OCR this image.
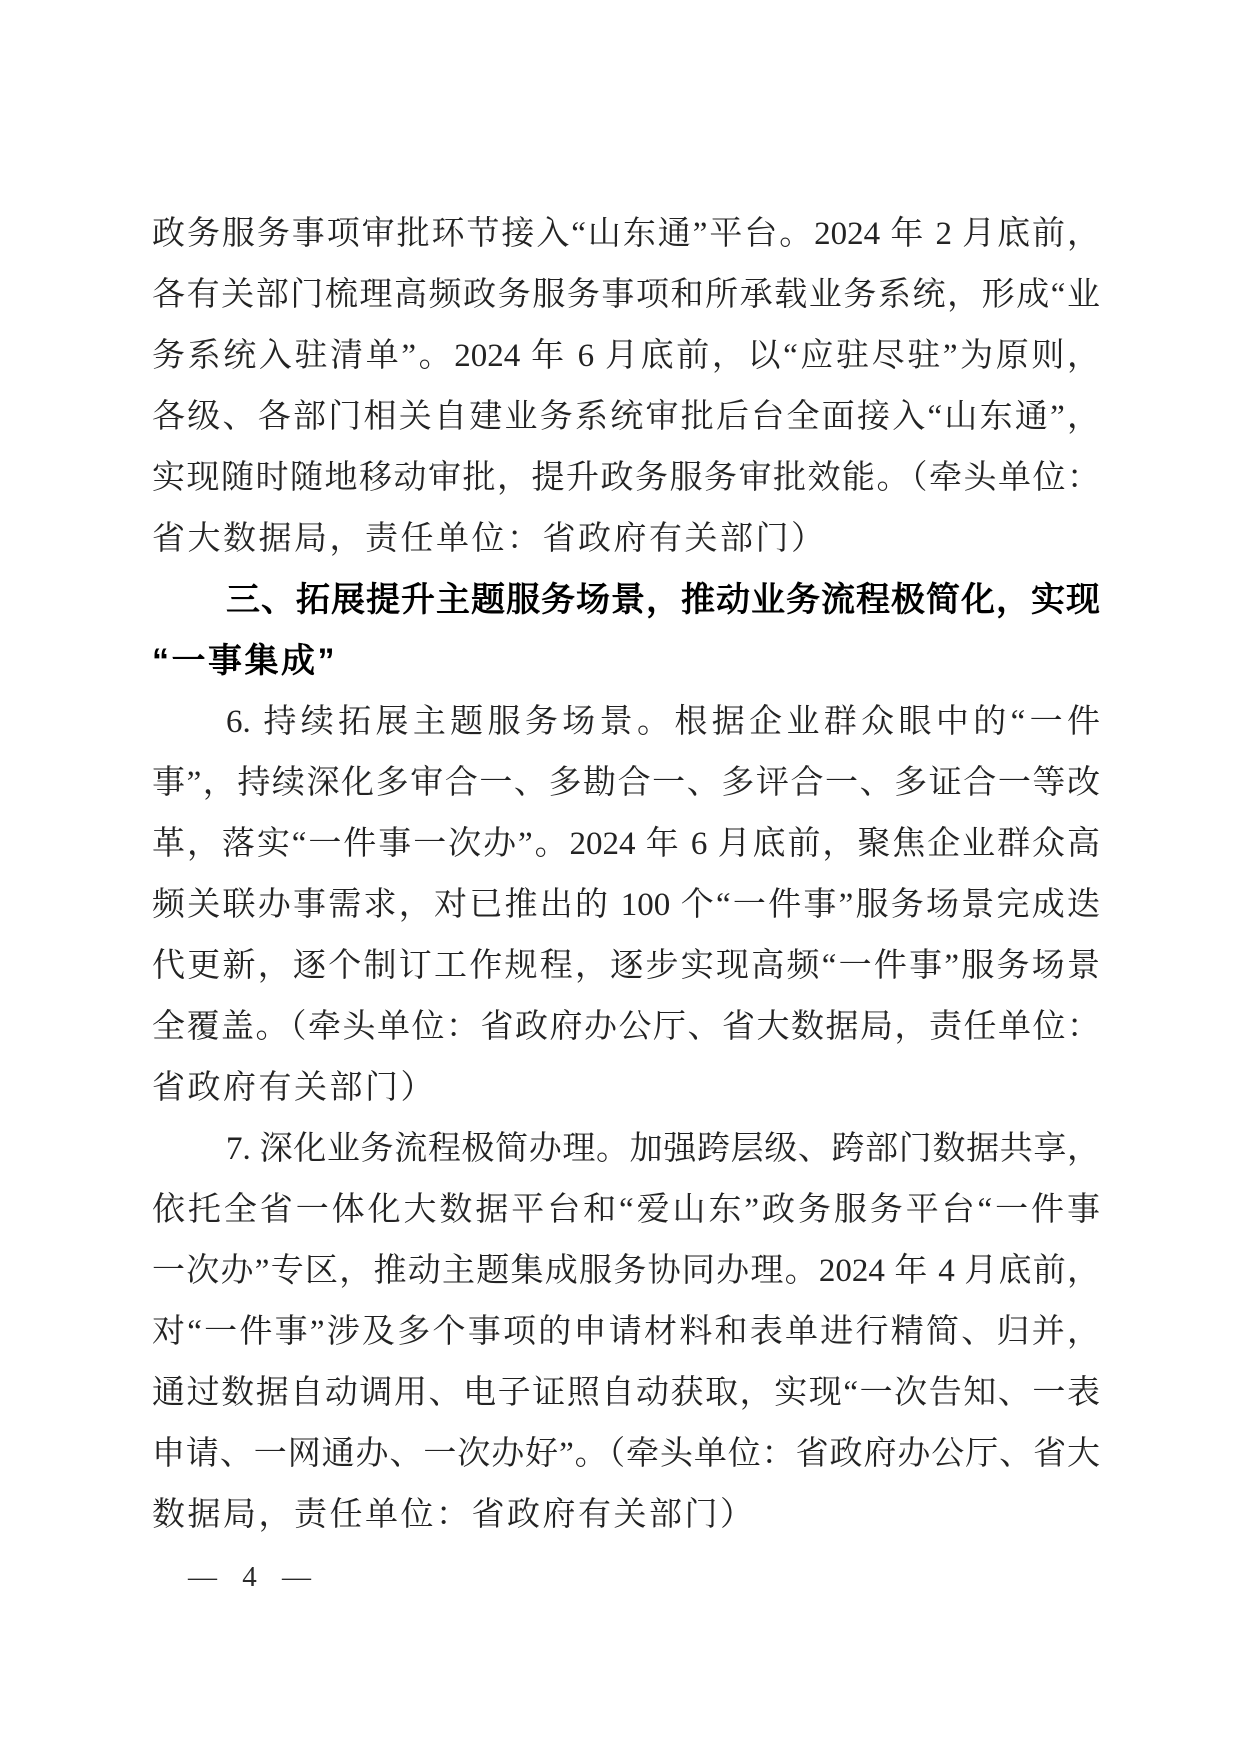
政务服务事项审批环节接入“山东通”平台。2024 年 2 月底前，
各有关部门梳理高频政务服务事项和所承载业务系统，形成“业
务系统入驻清单”。2024 年 6 月底前，以“应驻尽驻”为原则，
各级、各部门相关自建业务系统审批后台全面接入“山东通”，
实现随时随地移动审批，提升政务服务审批效能。（牵头单位：
省大数据局，责任单位：省政府有关部门）
三、拓展提升主题服务场景，推动业务流程极简化，实现
“一事集成”
6. 持续拓展主题服务场景。根据企业群众眼中的“一件
事”，持续深化多审合一、多勘合一、多评合一、多证合一等改
革，落实“一件事一次办”。2024 年 6 月底前，聚焦企业群众高
频关联办事需求，对已推出的 100 个“一件事”服务场景完成迭
代更新，逐个制订工作规程，逐步实现高频“一件事”服务场景
全覆盖。（牵头单位：省政府办公厅、省大数据局，责任单位：
省政府有关部门）
7. 深化业务流程极简办理。加强跨层级、跨部门数据共享，
依托全省一体化大数据平台和“爱山东”政务服务平台“一件事
一次办”专区，推动主题集成服务协同办理。2024 年 4 月底前，
对“一件事”涉及多个事项的申请材料和表单进行精简、归并，
通过数据自动调用、电子证照自动获取，实现“一次告知、一表
申请、一网通办、一次办好”。（牵头单位：省政府办公厅、省大
数据局，责任单位：省政府有关部门）
— 4 —
